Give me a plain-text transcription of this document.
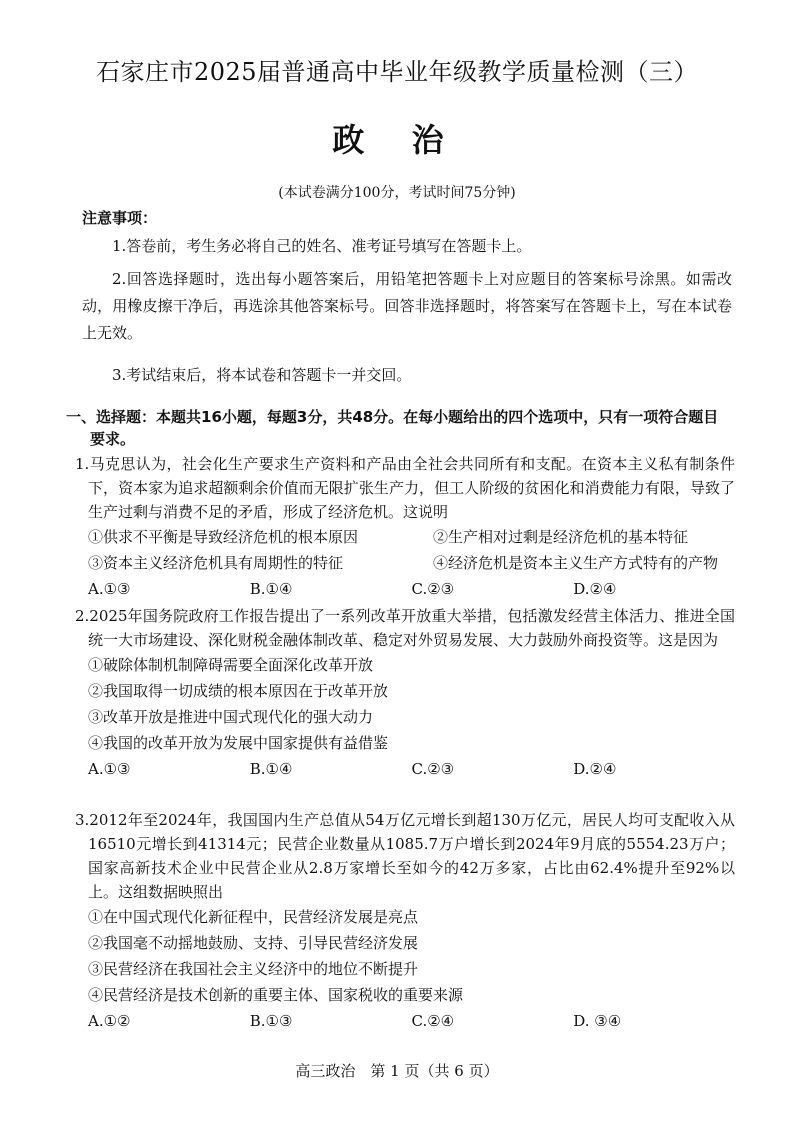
石家庄市2025届普通高中毕业年级教学质量检测（三）
政 治
(本试卷满分100分，考试时间75分钟)
注意事项：

1.答卷前，考生务必将自己的姓名、准考证号填写在答题卡上。

2.回答选择题时，选出每小题答案后，用铅笔把答题卡上对应题目的答案标号涂黑。如需改动，用橡皮擦干净后，再选涂其他答案标号。回答非选择题时，将答案写在答题卡上，写在本试卷上无效。

3.考试结束后，将本试卷和答题卡一并交回。

一、选择题：本题共16小题，每题3分，共48分。在每小题给出的四个选项中，只有一项符合题目要求。

1.马克思认为，社会化生产要求生产资料和产品由全社会共同所有和支配。在资本主义私有制条件下，资本家为追求超额剩余价值而无限扩张生产力，但工人阶级的贫困化和消费能力有限，导致了生产过剩与消费不足的矛盾，形成了经济危机。这说明

①供求不平衡是导致经济危机的根本原因	②生产相对过剩是经济危机的基本特征
③资本主义经济危机具有周期性的特征	④经济危机是资本主义生产方式特有的产物
A.①③	B.①④	C.②③	D.②④

2.2025年国务院政府工作报告提出了一系列改革开放重大举措，包括激发经营主体活力、推进全国统一大市场建设、深化财税金融体制改革、稳定对外贸易发展、大力鼓励外商投资等。这是因为

①破除体制机制障碍需要全面深化改革开放

②我国取得一切成绩的根本原因在于改革开放

③改革开放是推进中国式现代化的强大动力

④我国的改革开放为发展中国家提供有益借鉴

A.①③	B.①④	C.②③	D.②④

3.2012年至2024年，我国国内生产总值从54万亿元增长到超130万亿元，居民人均可支配收入从16510元增长到41314元；民营企业数量从1085.7万户增长到2024年9月底的5554.23万户；国家高新技术企业中民营企业从2.8万家增长至如今的42万多家，占比由62.4%提升至92%以上。这组数据映照出

①在中国式现代化新征程中，民营经济发展是亮点

②我国毫不动摇地鼓励、支持、引导民营经济发展

③民营经济在我国社会主义经济中的地位不断提升

④民营经济是技术创新的重要主体、国家税收的重要来源

A.①②	B.①③	C.②④	D. ③④
高三政治　第 1 页（共 6 页）
